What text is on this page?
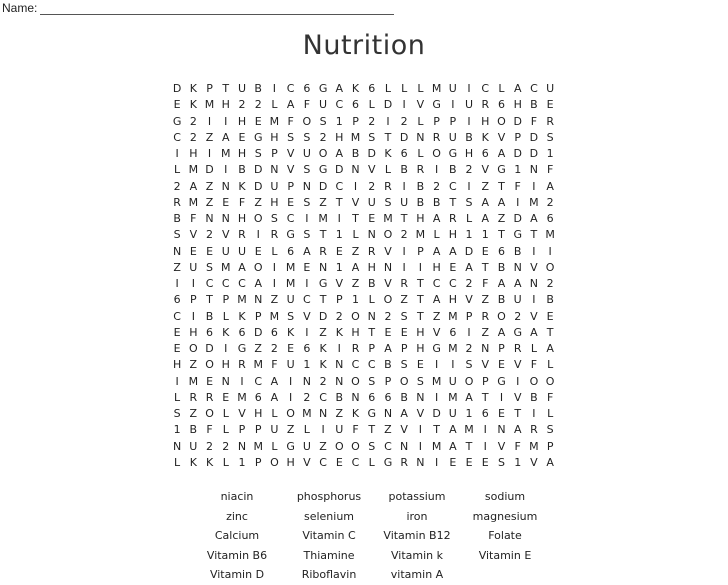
Name:
Nutrition
D K P T U B I C 6 G A K 6 L L L M U I C L A C U
E K M H 2 2 L A F U C 6 L D I V G I U R 6 H B E
G 2	I	I H E M F O S 1 P 2	I	2 L P P	I H O D F R
C 2 Z A E G H S S 2 H M S T D N R U B K V P D S
I H I M H S P V U O A B D K 6 L O G H 6 A D D 1
L M D I B D N V S G D N V L B R I B 2 V G 1 N F
2 A Z N K D U P N D C I	2 R I B 2 C I Z T F	I A
R M Z E F Z H E S Z T V U S U B B T S A A I M 2
B F N N H O S C I M I	T E M T H A R L A Z D A 6
S V 2 V R I R G S T 1 L N O 2 M L H 1 1 T G T M
N E E U U E L 6 A R E Z R V I	P A A D E 6 B I	I
Z U S M A O I M E N 1 A H N I	I H E A T B N V O
I	I C C C A I M I G V Z B V R T C C 2 F A A N 2
6 P T P M N Z U C T P 1 L O Z T A H V Z B U I B
C I B L K P M S V D 2 O N 2 S T Z M P R O 2 V E
E H 6 K 6 D 6 K I Z K H T E E H V 6	I Z A G A T
E O D I G Z 2 E 6 K I R P A P H G M 2 N P R L A
H Z O H R M F U 1 K N C C B S E	I	I	S V E V F L
I M E N I C A I N 2 N O S P O S M U O P G I O O
L R R E M 6 A I	2 C B N 6 6 B N I M A T	I V B F
S Z O L V H L O M N Z K G N A V D U 1 6 E T	I	L
1 B F L P P U Z L	I U F T Z V I	T A M I N A R S
N U 2 2 N M L G U Z O O S C N I M A T	I V F M P
L K K L 1 P O H V C E C L G R N I	E E E S 1 V A
niacin	phosphorus	potassium	sodium
zinc	selenium	iron	magnesium
Calcium	Vitamin C	Vitamin B12	Folate
Vitamin B6	Thiamine	Vitamin k	Vitamin E
Vitamin D	Riboflavin	vitamin A
